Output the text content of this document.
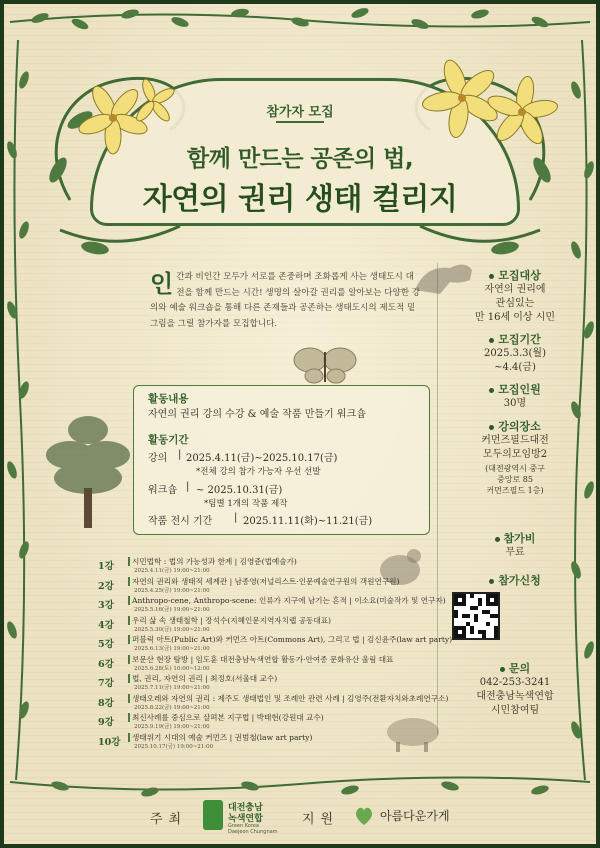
참가자 모집
함께 만드는 공존의 법,
자연의 권리 생태 컬리지
인 간과 비인간 모두가 서로를 존중하며 조화롭게 사는 생태도시 대전을 함께 만드는 시간! 생명의 살아갈 권리를 알아보는 다양한 강의와 예술 워크숍을 통해 다른 존재들과 공존하는 생태도시의 제도적 밑그림을 그릴 참가자를 모집합니다.
활동내용
자연의 권리 강의 수강 & 예술 작품 만들기 워크숍
활동기간
강의 | 2025.4.11(금)~2025.10.17(금)
*전체 강의 참가 가능자 우선 선발
워크숍 | ~ 2025.10.31(금)
*팀별 1개의 작품 제작
작품 전시 기간 | 2025.11.11(화)~11.21(금)
모집대상
자연의 권리에
관심있는
만 16세 이상 시민
모집기간
2025.3.3(월)
~4.4(금)
모집인원
30명
강의장소
커먼즈필드대전
모두의모임방2
(대전광역시 중구
중앙로 85
커먼즈필드 1층)
참가비
무료
참가신청
문의
042-253-3241
대전충남녹색연합
시민참여팀
1강 시민법학 : 법의 가능성과 한계 | 김영준(법예술가)
2025.4.11(금) 19:00~21:00
2강 자연의 권리와 생태적 세계관 | 남종영(저널리스트·인문예술연구원의 객원연구원)
2025.4.25(금) 19:00~21:00
3강 Anthropo-cene, Anthropo-scene: 인류가 지구에 남기는 흔적 | 이소요(미술작가 및 연구자)
2025.5.16(금) 19:00~21:00
4강 우리 삶 속 생태철학 | 장석수(지혜인문지역자치랩 공동대표)
2025.5.30(금) 19:00~21:00
5강 퍼블릭 아트(Public Art)와 커먼즈 아트(Commons Art), 그리고 법 | 김신윤주(law art party)
2025.6.13(금) 19:00~21:00
6강 보문산 현장 탐방 | 임도훈 대전충남녹색연합 활동가·안여종 문화유산 울림 대표
2025.6.28(토) 10:00~12:00
7강 법, 권리, 자연의 권리 | 최정호(서울대 교수)
2025.7.11(금) 19:00~21:00
8강 생태오레와 자연의 권리 : 제주도 생태법인 및 조례안 관련 사례 | 김영주(전환자치와초례연구소)
2025.8.22(금) 19:00~21:00
9강 최신사례를 중심으로 살펴본 지구법 | 박태현(강원대 교수)
2025.9.19(금) 19:00~21:00
10강 생태위기 시대의 예술 커먼즈 | 권범철(law art party)
2025.10.17(금) 19:00~21:00
주최
대전충남
녹색연합
Green Korea
Daejeon Chungnam
지원	아름다운가게
